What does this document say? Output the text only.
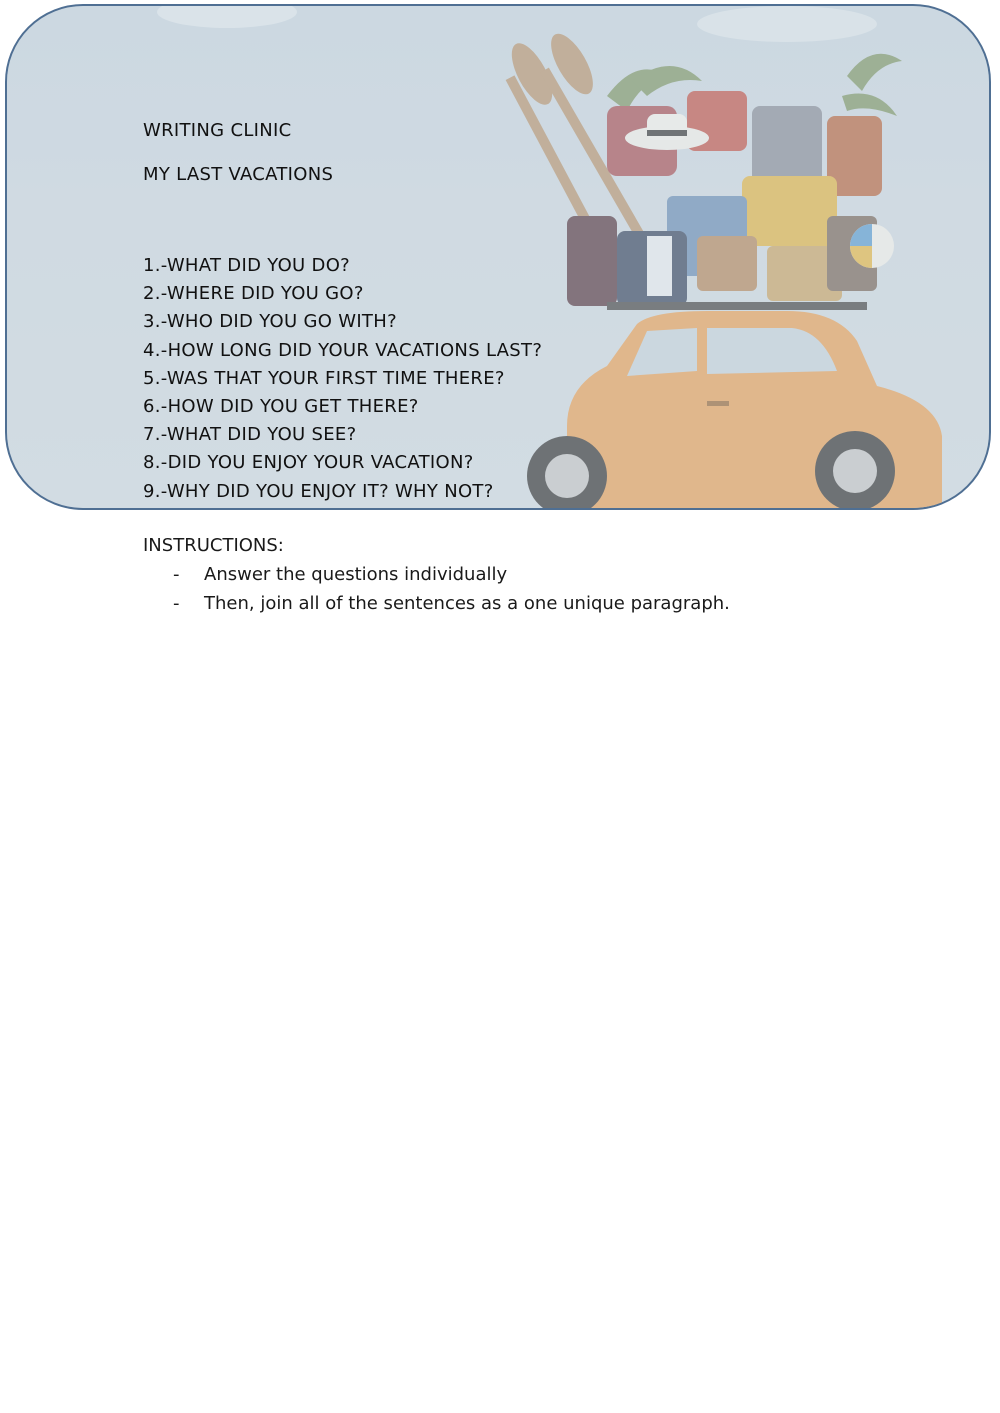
WRITING CLINIC
MY LAST VACATIONS
1.-WHAT DID YOU DO?
2.-WHERE DID YOU GO?
3.-WHO DID YOU GO WITH?
4.-HOW LONG DID YOUR VACATIONS LAST?
5.-WAS THAT YOUR FIRST TIME THERE?
6.-HOW DID YOU GET THERE?
7.-WHAT DID YOU SEE?
8.-DID YOU ENJOY YOUR VACATION?
9.-WHY DID YOU ENJOY IT? WHY NOT?
INSTRUCTIONS:
- Answer the questions individually
- Then, join all of the sentences as a one unique paragraph.
